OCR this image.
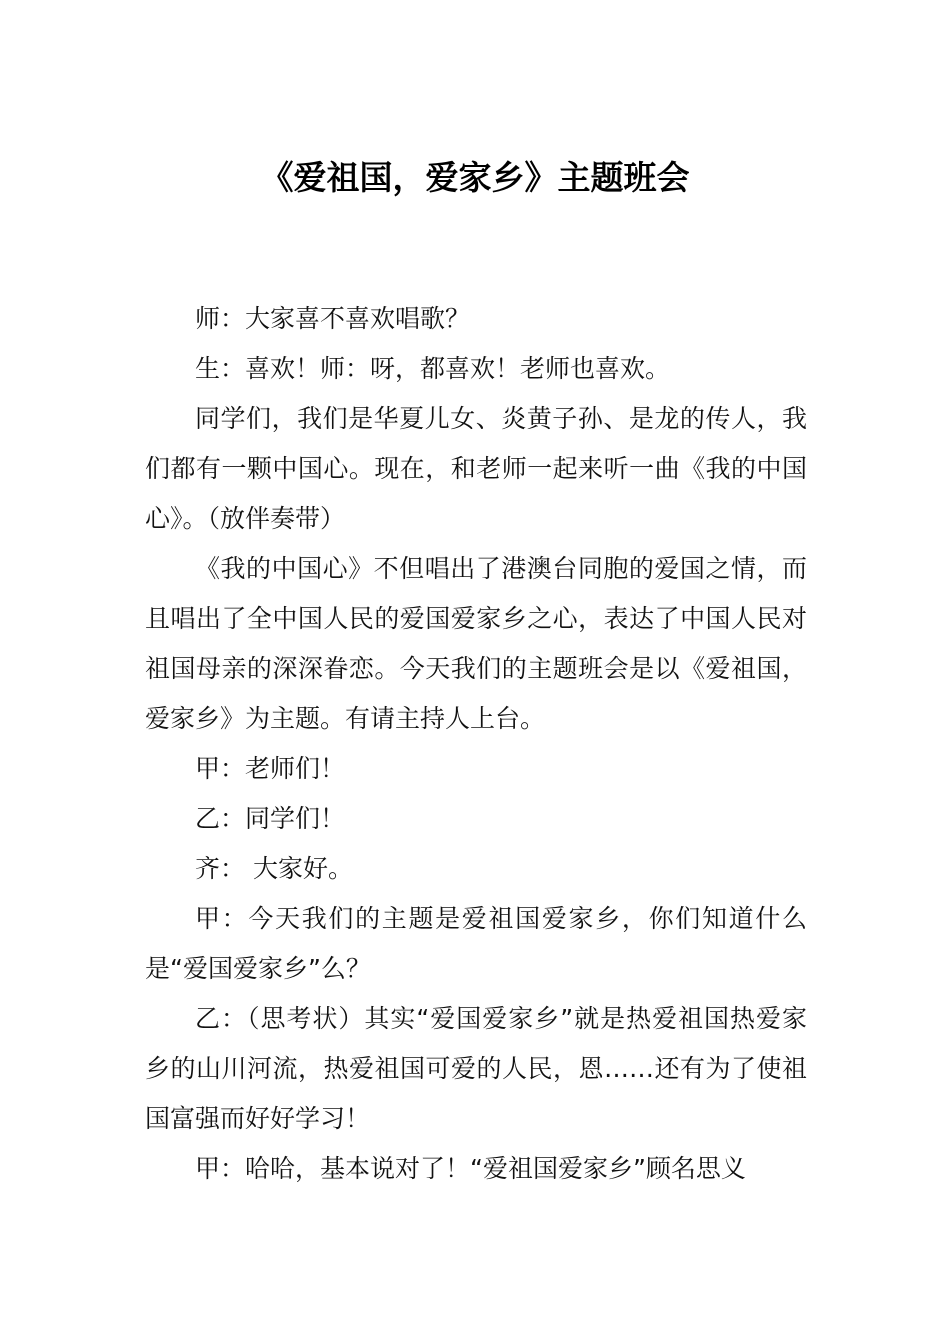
《爱祖国，爱家乡》主题班会

师：大家喜不喜欢唱歌？

生：喜欢！师：呀，都喜欢！老师也喜欢。

同学们，我们是华夏儿女、炎黄子孙、是龙的传人，我们都有一颗中国心。现在，和老师一起来听一曲《我的中国心》。（放伴奏带）

《我的中国心》不但唱出了港澳台同胞的爱国之情，而且唱出了全中国人民的爱国爱家乡之心，表达了中国人民对祖国母亲的深深眷恋。今天我们的主题班会是以《爱祖国，爱家乡》为主题。有请主持人上台。

甲：老师们！

乙：同学们！

齐： 大家好。

甲：今天我们的主题是爱祖国爱家乡，你们知道什么是“爱国爱家乡”么？

乙：（思考状）其实“爱国爱家乡”就是热爱祖国热爱家乡的山川河流，热爱祖国可爱的人民，恩……还有为了使祖国富强而好好学习！

甲：哈哈，基本说对了！“爱祖国爱家乡”顾名思义
